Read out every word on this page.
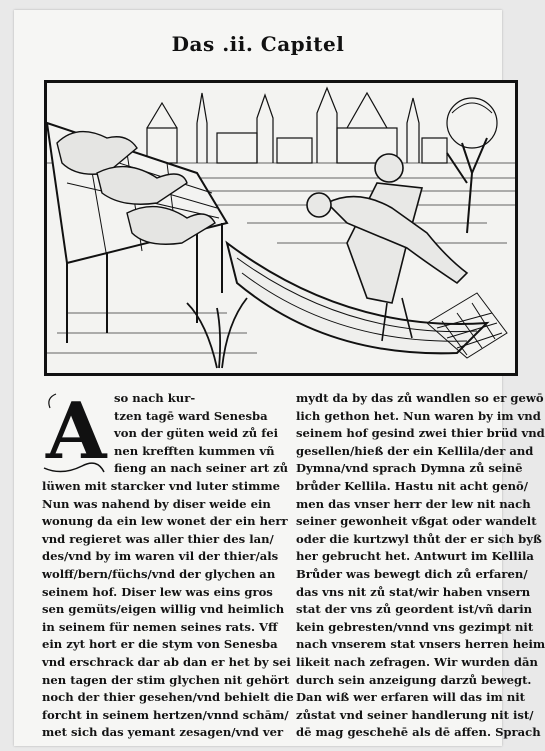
Das .ii. Capitel
A so nach kur-
tzen tagē ward Senesba
von der güten weid zů fei
nen krefften kummen vñ
fieng an nach seiner art zů
lüwen mit starcker vnd luter stimme
Nun was nahend by diser weide ein
wonung da ein lew wonet der ein herr
vnd regieret was aller thier des lan/
des/vnd by im waren vil der thier/als
wolff/bern/füchs/vnd der glychen an
seinem hof. Diser lew was eins gros
sen gemüts/eigen willig vnd heimlich
in seinem für nemen seines rats. Vff
ein zyt hort er die stym von Senesba
vnd erschrack dar ab dan er het by sei
nen tagen der stim glychen nit gehört
noch der thier gesehen/vnd behielt die
forcht in seinem hertzen/vnnd schām/
met sich das yemant zesagen/vnd ver
mydt da by das zů wandlen so er gewō
lich gethon het. Nun waren by im vnd
seinem hof gesind zwei thier brüd vnd
gesellen/hieß der ein Kellila/der and
Dymna/vnd sprach Dymna zů seinē
brůder Kellila. Hastu nit acht genō/
men das vnser herr der lew nit nach
seiner gewonheit vßgat oder wandelt
oder die kurtzwyl thůt der er sich byß
her gebrucht het. Antwurt im Kellila
Brůder was bewegt dich zů erfaren/
das vns nit zů stat/wir haben vnsern
stat der vns zů geordent ist/vñ darin
kein gebresten/vnnd vns gezimpt nit
nach vnserem stat vnsers herren heim
likeit nach zefragen. Wir wurden dān
durch sein anzeigung darzů bewegt.
Dan wiß wer erfaren will das im nit
zůstat vnd seiner handlerung nit ist/
dē mag geschehē als dē affen. Sprach
